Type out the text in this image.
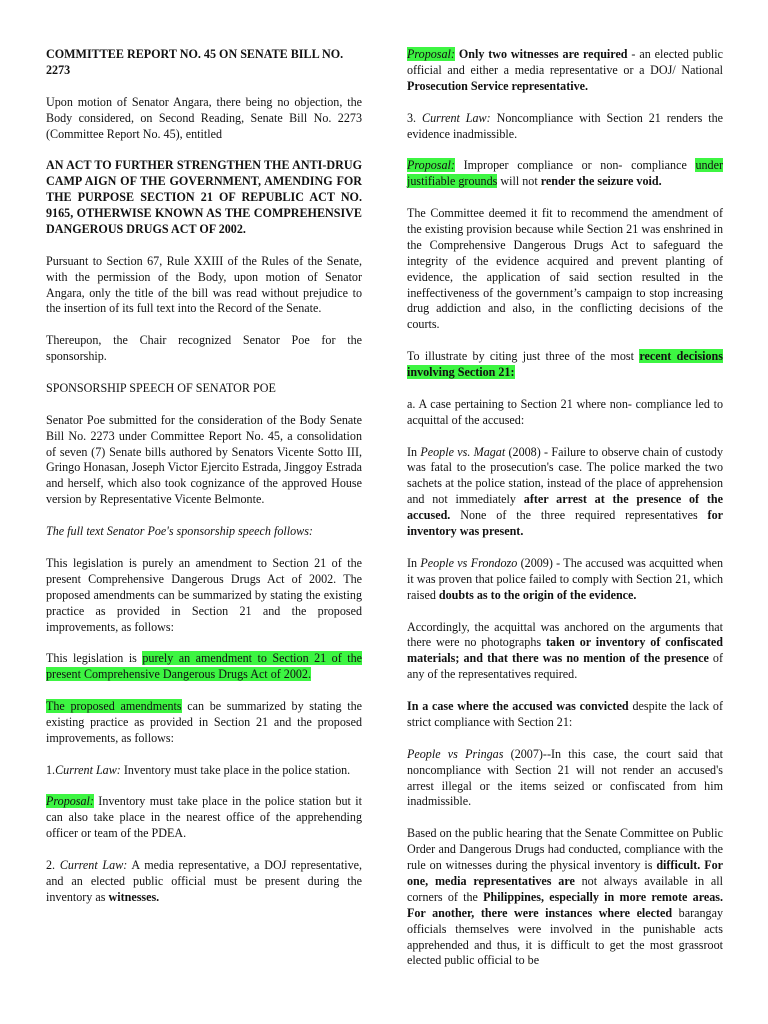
COMMITTEE REPORT NO. 45 ON SENATE BILL NO. 2273

Upon motion of Senator Angara, there being no objection, the Body considered, on Second Reading, Senate Bill No. 2273 (Committee Report No. 45), entitled

AN ACT TO FURTHER STRENGTHEN THE ANTI-DRUG CAMP AIGN OF THE GOVERNMENT, AMENDING FOR THE PURPOSE SECTION 21 OF REPUBLIC ACT NO. 9165, OTHERWISE KNOWN AS THE COMPREHENSIVE DANGEROUS DRUGS ACT OF 2002.

Pursuant to Section 67, Rule XXIII of the Rules of the Senate, with the permission of the Body, upon motion of Senator Angara, only the title of the bill was read without prejudice to the insertion of its full text into the Record of the Senate.

Thereupon, the Chair recognized Senator Poe for the sponsorship.

SPONSORSHIP SPEECH OF SENATOR POE

Senator Poe submitted for the consideration of the Body Senate Bill No. 2273 under Committee Report No. 45, a consolidation of seven (7) Senate bills authored by Senators Vicente Sotto III, Gringo Honasan, Joseph Victor Ejercito Estrada, Jinggoy Estrada and herself, which also took cognizance of the approved House version by Representative Vicente Belmonte.

The full text Senator Poe's sponsorship speech follows:

This legislation is purely an amendment to Section 21 of the present Comprehensive Dangerous Drugs Act of 2002. The proposed amendments can be summarized by stating the existing practice as provided in Section 21 and the proposed improvements, as follows:

This legislation is purely an amendment to Section 21 of the present Comprehensive Dangerous Drugs Act of 2002.

The proposed amendments can be summarized by stating the existing practice as provided in Section 21 and the proposed improvements, as follows:

1.Current Law: Inventory must take place in the police station.

Proposal: Inventory must take place in the police station but it can also take place in the nearest office of the apprehending officer or team of the PDEA.

2. Current Law: A media representative, a DOJ representative, and an elected public official must be present during the inventory as witnesses.

Proposal: Only two witnesses are required - an elected public official and either a media representative or a DOJ/ National Prosecution Service representative.

3. Current Law: Noncompliance with Section 21 renders the evidence inadmissible.

Proposal: Improper compliance or non- compliance under justifiable grounds will not render the seizure void.

The Committee deemed it fit to recommend the amendment of the existing provision because while Section 21 was enshrined in the Comprehensive Dangerous Drugs Act to safeguard the integrity of the evidence acquired and prevent planting of evidence, the application of said section resulted in the ineffectiveness of the government’s campaign to stop increasing drug addiction and also, in the conflicting decisions of the courts.

To illustrate by citing just three of the most recent decisions involving Section 21:

a. A case pertaining to Section 21 where non- compliance led to acquittal of the accused:

In People vs. Magat (2008) - Failure to observe chain of custody was fatal to the prosecution's case. The police marked the two sachets at the police station, instead of the place of apprehension and not immediately after arrest at the presence of the accused. None of the three required representatives for inventory was present.

In People vs Frondozo (2009) - The accused was acquitted when it was proven that police failed to comply with Section 21, which raised doubts as to the origin of the evidence.

Accordingly, the acquittal was anchored on the arguments that there were no photographs taken or inventory of confiscated materials; and that there was no mention of the presence of any of the representatives required.

In a case where the accused was convicted despite the lack of strict compliance with Section 21:

People vs Pringas (2007)--In this case, the court said that noncompliance with Section 21 will not render an accused's arrest illegal or the items seized or confiscated from him inadmissible.

Based on the public hearing that the Senate Committee on Public Order and Dangerous Drugs had conducted, compliance with the rule on witnesses during the physical inventory is difficult. For one, media representatives are not always available in all corners of the Philippines, especially in more remote areas. For another, there were instances where elected barangay officials themselves were involved in the punishable acts apprehended and thus, it is difficult to get the most grassroot elected public official to be
